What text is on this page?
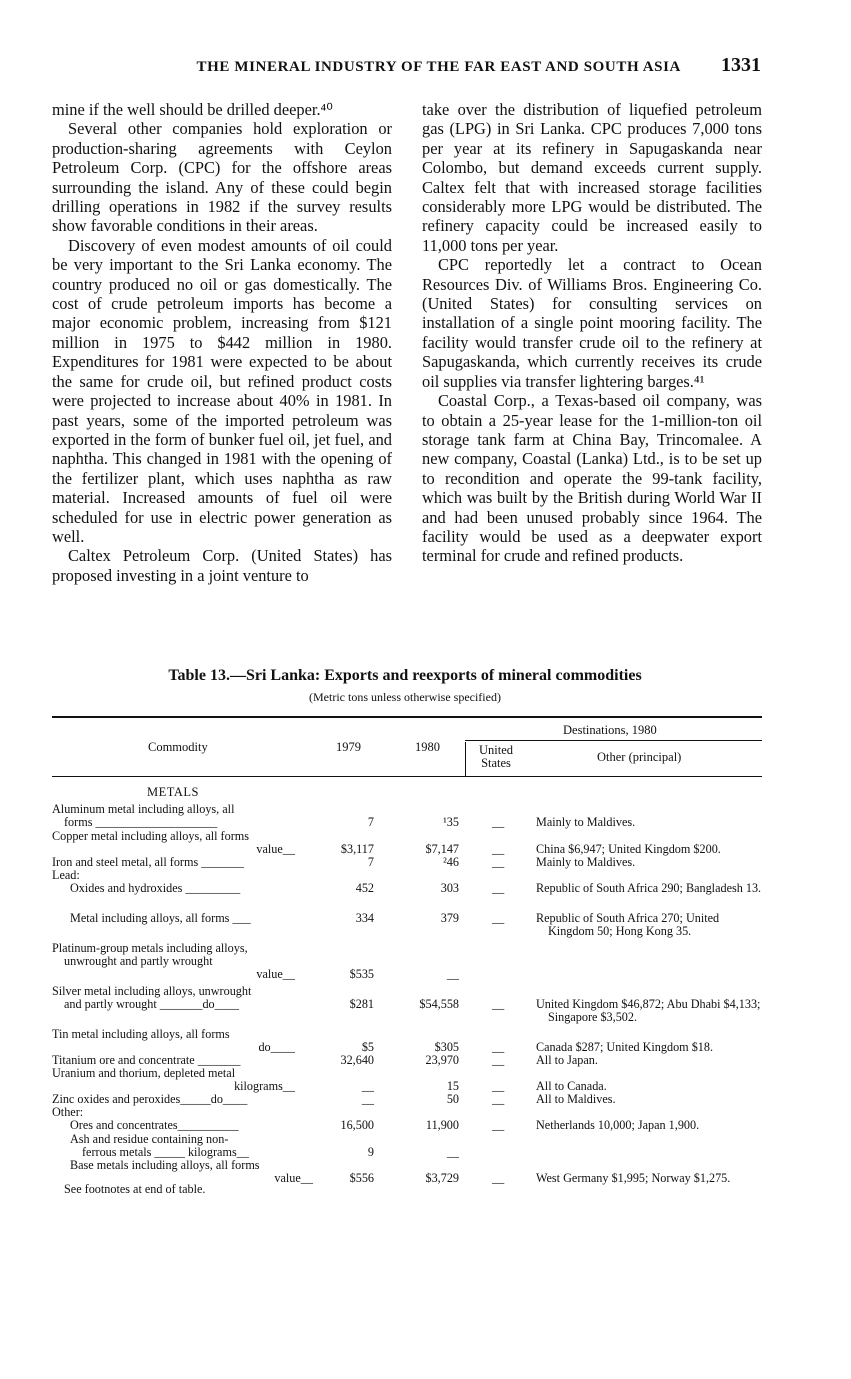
THE MINERAL INDUSTRY OF THE FAR EAST AND SOUTH ASIA 1331

mine if the well should be drilled deeper.⁴⁰

Several other companies hold exploration or production-sharing agreements with Ceylon Petroleum Corp. (CPC) for the offshore areas surrounding the island. Any of these could begin drilling operations in 1982 if the survey results show favorable conditions in their areas.

Discovery of even modest amounts of oil could be very important to the Sri Lanka economy. The country produced no oil or gas domestically. The cost of crude petroleum imports has become a major economic problem, increasing from $121 million in 1975 to $442 million in 1980. Expenditures for 1981 were expected to be about the same for crude oil, but refined product costs were projected to increase about 40% in 1981. In past years, some of the imported petroleum was exported in the form of bunker fuel oil, jet fuel, and naphtha. This changed in 1981 with the opening of the fertilizer plant, which uses naphtha as raw material. Increased amounts of fuel oil were scheduled for use in electric power generation as well.

Caltex Petroleum Corp. (United States) has proposed investing in a joint venture to

take over the distribution of liquefied petroleum gas (LPG) in Sri Lanka. CPC produces 7,000 tons per year at its refinery in Sapugaskanda near Colombo, but demand exceeds current supply. Caltex felt that with increased storage facilities considerably more LPG would be distributed. The refinery capacity could be increased easily to 11,000 tons per year.

CPC reportedly let a contract to Ocean Resources Div. of Williams Bros. Engineering Co. (United States) for consulting services on installation of a single point mooring facility. The facility would transfer crude oil to the refinery at Sapugaskanda, which currently receives its crude oil supplies via transfer lightering barges.⁴¹

Coastal Corp., a Texas-based oil company, was to obtain a 25-year lease for the 1-million-ton oil storage tank farm at China Bay, Trincomalee. A new company, Coastal (Lanka) Ltd., is to be set up to recondition and operate the 99-tank facility, which was built by the British during World War II and had been unused probably since 1964. The facility would be used as a deepwater export terminal for crude and refined products.

Table 13.—Sri Lanka: Exports and reexports of mineral commodities
(Metric tons unless otherwise specified)
Commodity	1979	1980
Destinations, 1980
United States	Other (principal)
METALS
Aluminum metal including alloys, all
forms ____________________	7	¹35	__	Mainly to Maldives.
Copper metal including alloys, all forms
value__	$3,117	$7,147	__	China $6,947; United Kingdom $200.
Iron and steel metal, all forms _______	7	²46	__	Mainly to Maldives.
Lead:
Oxides and hydroxides _________	452	303	__	Republic of South Africa 290; Bangladesh 13.
Metal including alloys, all forms ___	334	379	__	Republic of South Africa 270; United Kingdom 50; Hong Kong 35.
Platinum-group metals including alloys,
unwrought and partly wrought
value__	$535	__
Silver metal including alloys, unwrought
and partly wrought _______do____	$281	$54,558	__	United Kingdom $46,872; Abu Dhabi $4,133; Singapore $3,502.
Tin metal including alloys, all forms
do____	$5	$305	__	Canada $287; United Kingdom $18.
Titanium ore and concentrate _______	32,640	23,970	__	All to Japan.
Uranium and thorium, depleted metal
kilograms__	__	15	__	All to Canada.
Zinc oxides and peroxides_____do____	__	50	__	All to Maldives.
Other:
Ores and concentrates__________	16,500	11,900	__	Netherlands 10,000; Japan 1,900.
Ash and residue containing non-
ferrous metals _____ kilograms__	9	__
Base metals including alloys, all forms
value__	$556	$3,729	__	West Germany $1,995; Norway $1,275.
See footnotes at end of table.
